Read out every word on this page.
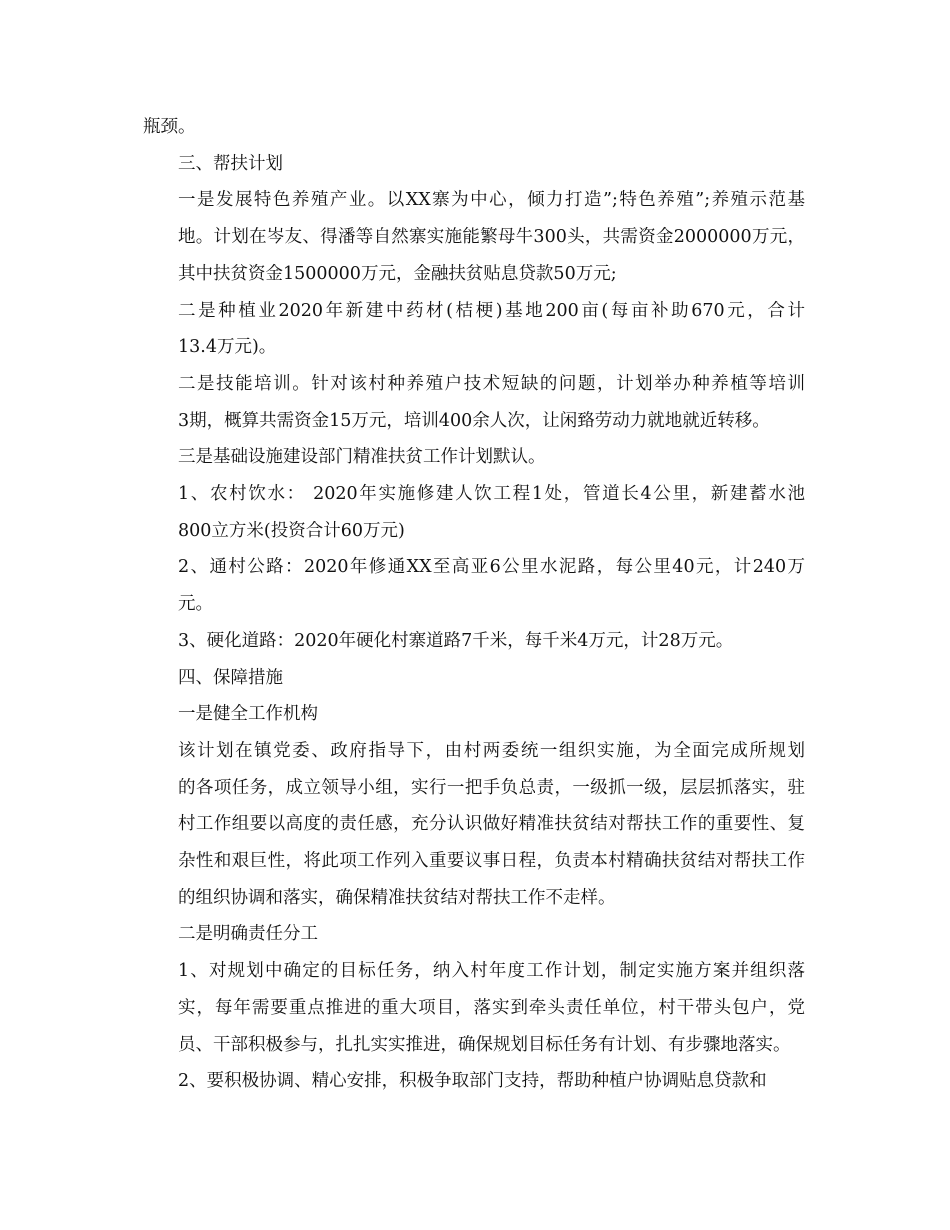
瓶颈。
三、帮扶计划
一是发展特色养殖产业。以XX寨为中心，倾力打造”;特色养殖”;养殖示范基
地。计划在岑友、得潘等自然寨实施能繁母牛300头，共需资金2000000万元，
其中扶贫资金1500000万元，金融扶贫贴息贷款50万元;
二是种植业2020年新建中药材(桔梗)基地200亩(每亩补助670元，合计
13.4万元)。
二是技能培训。针对该村种养殖户技术短缺的问题，计划举办种养植等培训
3期，概算共需资金15万元，培训400余人次，让闲臵劳动力就地就近转移。
三是基础设施建设部门精准扶贫工作计划默认。
1、农村饮水： 2020年实施修建人饮工程1处，管道长4公里，新建蓄水池
800立方米(投资合计60万元)
2、通村公路：2020年修通XX至高亚6公里水泥路，每公里40元，计240万
元。
3、硬化道路：2020年硬化村寨道路7千米，每千米4万元，计28万元。
四、保障措施
一是健全工作机构
该计划在镇党委、政府指导下，由村两委统一组织实施，为全面完成所规划
的各项任务，成立领导小组，实行一把手负总责，一级抓一级，层层抓落实，驻
村工作组要以高度的责任感，充分认识做好精准扶贫结对帮扶工作的重要性、复
杂性和艰巨性，将此项工作列入重要议事日程，负责本村精确扶贫结对帮扶工作
的组织协调和落实，确保精准扶贫结对帮扶工作不走样。
二是明确责任分工
1、对规划中确定的目标任务，纳入村年度工作计划，制定实施方案并组织落
实，每年需要重点推进的重大项目，落实到牵头责任单位，村干带头包户，党
员、干部积极参与，扎扎实实推进，确保规划目标任务有计划、有步骤地落实。
2、要积极协调、精心安排，积极争取部门支持，帮助种植户协调贴息贷款和
